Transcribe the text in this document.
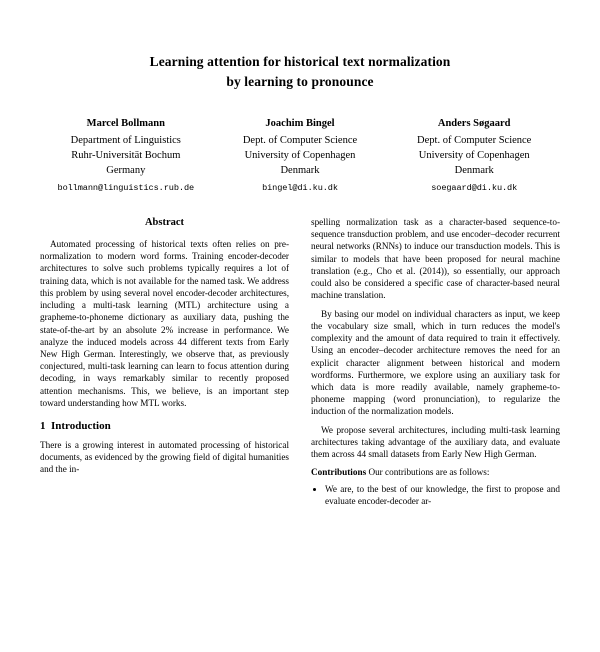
Learning attention for historical text normalization
by learning to pronounce
Marcel Bollmann
Department of Linguistics
Ruhr-Universität Bochum
Germany
bollmann@linguistics.rub.de
Joachim Bingel
Dept. of Computer Science
University of Copenhagen
Denmark
bingel@di.ku.dk
Anders Søgaard
Dept. of Computer Science
University of Copenhagen
Denmark
soegaard@di.ku.dk
Abstract

Automated processing of historical texts often relies on pre-normalization to modern word forms. Training encoder-decoder architectures to solve such problems typically requires a lot of training data, which is not available for the named task. We address this problem by using several novel encoder-decoder architectures, including a multi-task learning (MTL) architecture using a grapheme-to-phoneme dictionary as auxiliary data, pushing the state-of-the-art by an absolute 2% increase in performance. We analyze the induced models across 44 different texts from Early New High German. Interestingly, we observe that, as previously conjectured, multi-task learning can learn to focus attention during decoding, in ways remarkably similar to recently proposed attention mechanisms. This, we believe, is an important step toward understanding how MTL works.

1 Introduction

There is a growing interest in automated processing of historical documents, as evidenced by the growing field of digital humanities and the in-

spelling normalization task as a character-based sequence-to-sequence transduction problem, and use encoder–decoder recurrent neural networks (RNNs) to induce our transduction models. This is similar to models that have been proposed for neural machine translation (e.g., Cho et al. (2014)), so essentially, our approach could also be considered a specific case of character-based neural machine translation.

By basing our model on individual characters as input, we keep the vocabulary size small, which in turn reduces the model's complexity and the amount of data required to train it effectively. Using an encoder–decoder architecture removes the need for an explicit character alignment between historical and modern wordforms. Furthermore, we explore using an auxiliary task for which data is more readily available, namely grapheme-to-phoneme mapping (word pronunciation), to regularize the induction of the normalization models.

We propose several architectures, including multi-task learning architectures taking advantage of the auxiliary data, and evaluate them across 44 small datasets from Early New High German.

Contributions Our contributions are as follows:
• We are, to the best of our knowledge, the first to propose and evaluate encoder-decoder ar-
